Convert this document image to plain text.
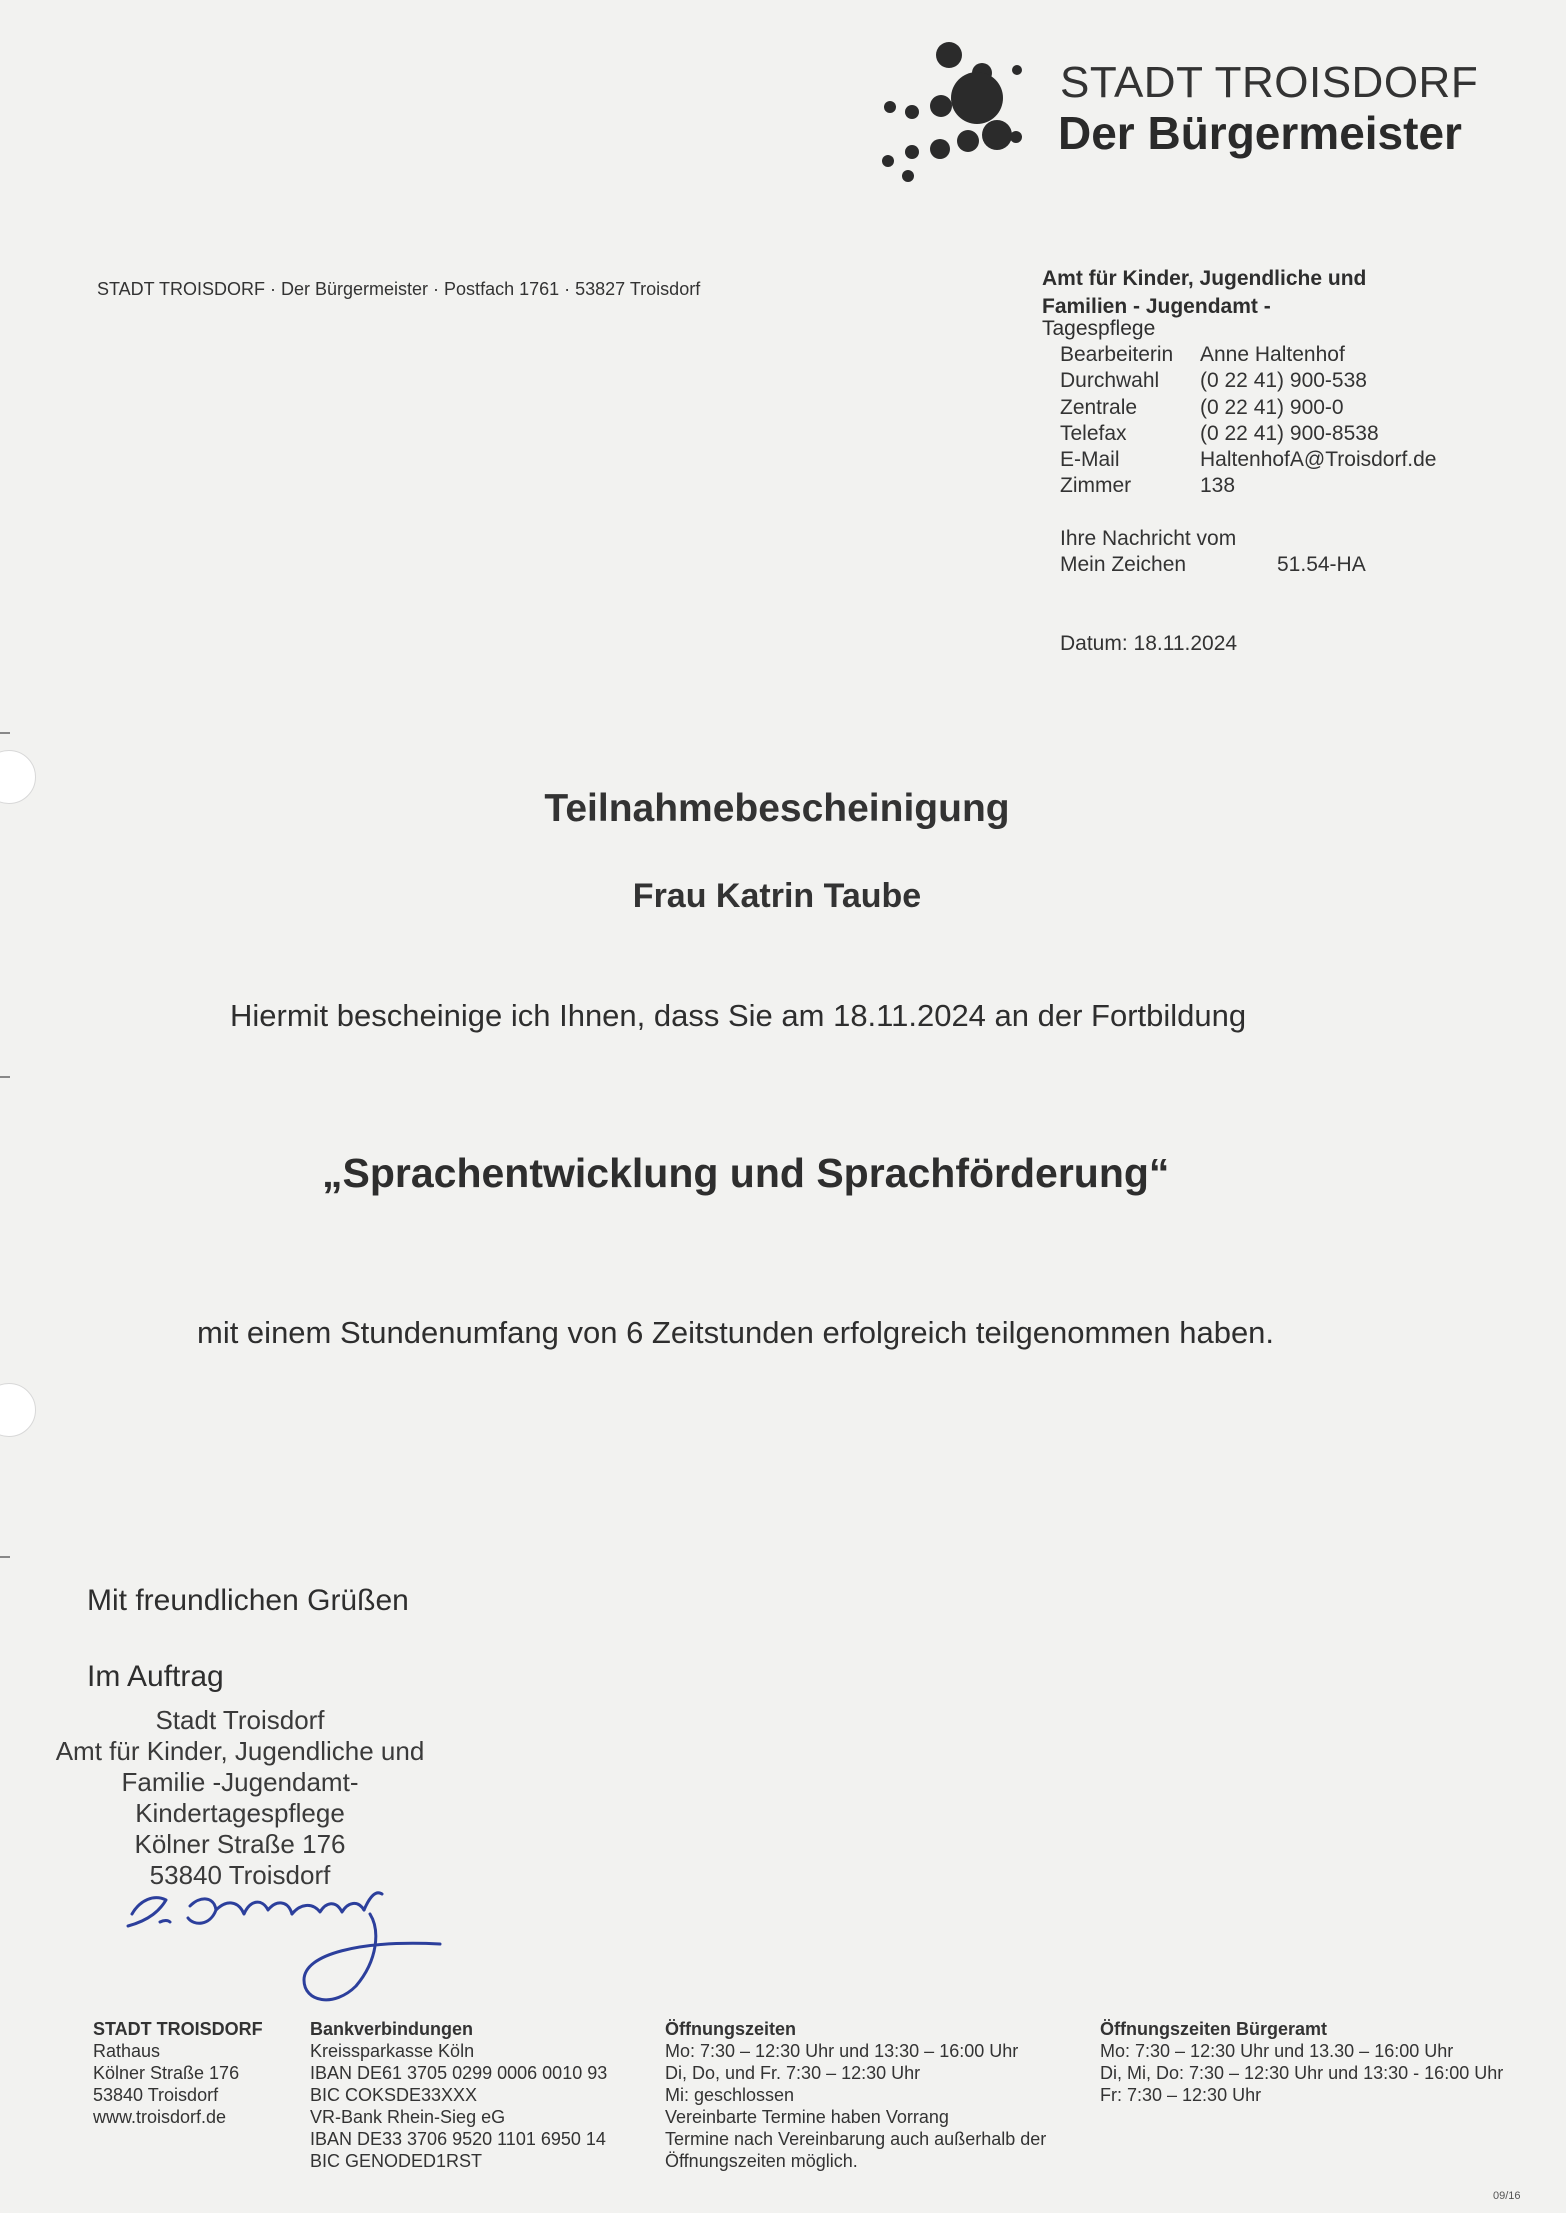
STADT TROISDORF
Der Bürgermeister
STADT TROISDORF · Der Bürgermeister · Postfach 1761 · 53827 Troisdorf	Amt für Kinder, Jugendliche und
Familien - Jugendamt -
Tagespflege
Bearbeiterin	Anne Haltenhof
Durchwahl	(0 22 41) 900-538
Zentrale	(0 22 41) 900-0
Telefax	(0 22 41) 900-8538
E-Mail	HaltenhofA@Troisdorf.de
Zimmer	138
Ihre Nachricht vom
Mein Zeichen	51.54-HA
Datum: 18.11.2024
Teilnahmebescheinigung
Frau Katrin Taube
Hiermit bescheinige ich Ihnen, dass Sie am 18.11.2024 an der Fortbildung
„Sprachentwicklung und Sprachförderung“
mit einem Stundenumfang von 6 Zeitstunden erfolgreich teilgenommen haben.
Mit freundlichen Grüßen
Im Auftrag
Stadt Troisdorf
Amt für Kinder, Jugendliche und
Familie -Jugendamt-
Kindertagespflege
Kölner Straße 176
53840 Troisdorf
STADT TROISDORF
Rathaus
Kölner Straße 176
53840 Troisdorf
www.troisdorf.de
Bankverbindungen
Kreissparkasse Köln
IBAN DE61 3705 0299 0006 0010 93
BIC COKSDE33XXX
VR-Bank Rhein-Sieg eG
IBAN DE33 3706 9520 1101 6950 14
BIC GENODED1RST
Öffnungszeiten
Mo: 7:30 – 12:30 Uhr und 13:30 – 16:00 Uhr
Di, Do, und Fr. 7:30 – 12:30 Uhr
Mi: geschlossen
Vereinbarte Termine haben Vorrang
Termine nach Vereinbarung auch außerhalb der
Öffnungszeiten möglich.
Öffnungszeiten Bürgeramt
Mo: 7:30 – 12:30 Uhr und 13.30 – 16:00 Uhr
Di, Mi, Do: 7:30 – 12:30 Uhr und 13:30 - 16:00 Uhr
Fr: 7:30 – 12:30 Uhr
09/16
